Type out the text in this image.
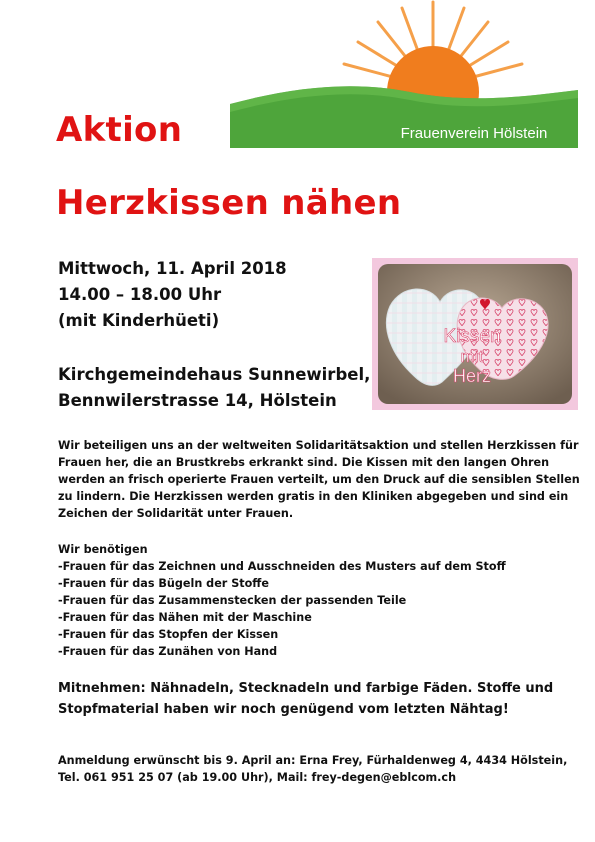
Frauenverein Hölstein
Aktion
Herzkissen nähen
Mittwoch, 11. April 2018
14.00 – 18.00 Uhr
(mit Kinderhüeti)
Kirchgemeindehaus Sunnewirbel,
Bennwilerstrasse 14, Hölstein
Kissen
mit
Herz
Wir beteiligen uns an der weltweiten Solidaritätsaktion und stellen Herzkissen für
Frauen her, die an Brustkrebs erkrankt sind. Die Kissen mit den langen Ohren
werden an frisch operierte Frauen verteilt, um den Druck auf die sensiblen Stellen
zu lindern. Die Herzkissen werden gratis in den Kliniken abgegeben und sind ein
Zeichen der Solidarität unter Frauen.
Wir benötigen
-Frauen für das Zeichnen und Ausschneiden des Musters auf dem Stoff
-Frauen für das Bügeln der Stoffe
-Frauen für das Zusammenstecken der passenden Teile
-Frauen für das Nähen mit der Maschine
-Frauen für das Stopfen der Kissen
-Frauen für das Zunähen von Hand
Mitnehmen: Nähnadeln, Stecknadeln und farbige Fäden. Stoffe und
Stopfmaterial haben wir noch genügend vom letzten Nähtag!
Anmeldung erwünscht bis 9. April an: Erna Frey, Fürhaldenweg 4, 4434 Hölstein,
Tel. 061 951 25 07 (ab 19.00 Uhr), Mail: frey-degen@eblcom.ch
